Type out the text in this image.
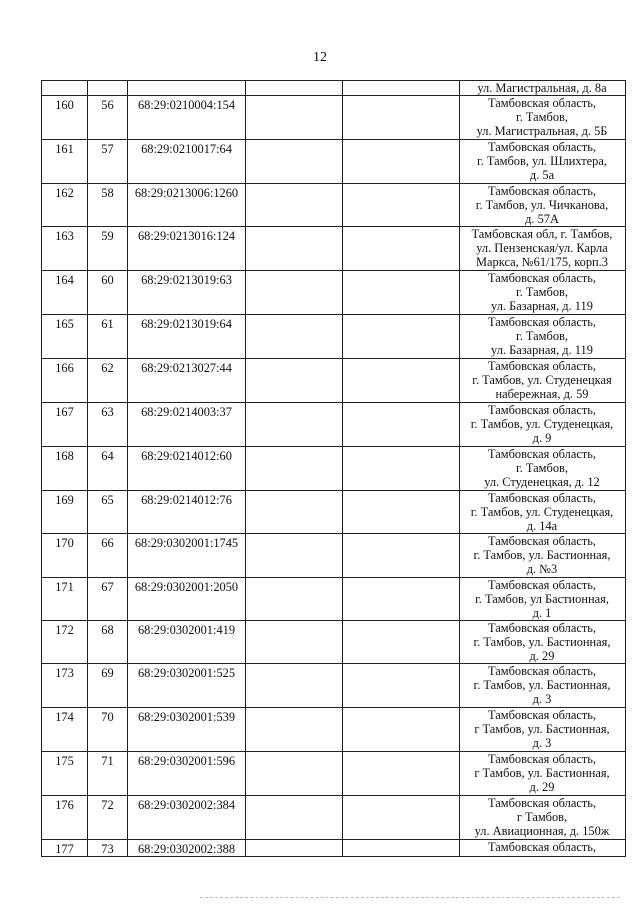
12
					ул. Магистральная, д. 8а
160	56	68:29:0210004:154			Тамбовская область,
г. Тамбов,
ул. Магистральная, д. 5Б
161	57	68:29:0210017:64			Тамбовская область,
г. Тамбов, ул. Шлихтера,
д. 5а
162	58	68:29:0213006:1260			Тамбовская область,
г. Тамбов, ул. Чичканова,
д. 57А
163	59	68:29:0213016:124			Тамбовская обл, г. Тамбов,
ул. Пензенская/ул. Карла
Маркса, №61/175, корп.3
164	60	68:29:0213019:63			Тамбовская область,
г. Тамбов,
ул. Базарная, д. 119
165	61	68:29:0213019:64			Тамбовская область,
г. Тамбов,
ул. Базарная, д. 119
166	62	68:29:0213027:44			Тамбовская область,
г. Тамбов, ул. Студенецкая
набережная, д. 59
167	63	68:29:0214003:37			Тамбовская область,
г. Тамбов, ул. Студенецкая,
д. 9
168	64	68:29:0214012:60			Тамбовская область,
г. Тамбов,
ул. Студенецкая, д. 12
169	65	68:29:0214012:76			Тамбовская область,
г. Тамбов, ул. Студенецкая,
д. 14а
170	66	68:29:0302001:1745			Тамбовская область,
г. Тамбов, ул. Бастионная,
д. №3
171	67	68:29:0302001:2050			Тамбовская область,
г. Тамбов, ул Бастионная,
д. 1
172	68	68:29:0302001:419			Тамбовская область,
г. Тамбов, ул. Бастионная,
д. 29
173	69	68:29:0302001:525			Тамбовская область,
г. Тамбов, ул. Бастионная,
д. 3
174	70	68:29:0302001:539			Тамбовская область,
г Тамбов, ул. Бастионная,
д. 3
175	71	68:29:0302001:596			Тамбовская область,
г Тамбов, ул. Бастионная,
д. 29
176	72	68:29:0302002:384			Тамбовская область,
г Тамбов,
ул. Авиационная, д. 150ж
177	73	68:29:0302002:388			Тамбовская область,
